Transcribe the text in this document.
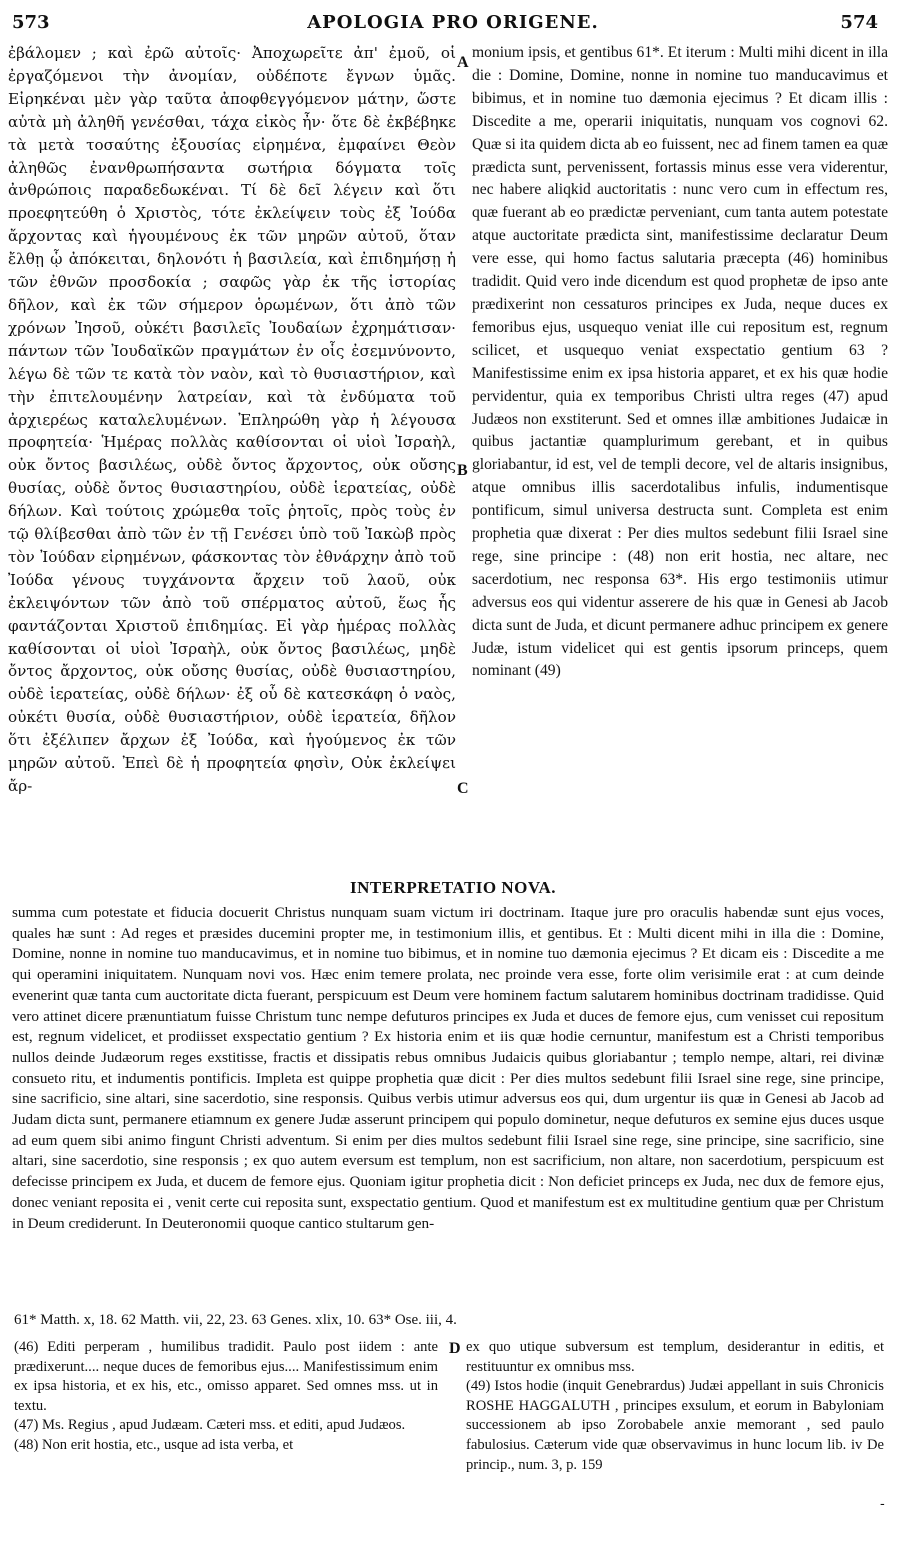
573	APOLOGIA PRO ORIGENE.	574

ἐβάλομεν ; καὶ ἐρῶ αὐτοῖς· Ἀποχωρεῖτε ἀπ' ἐμοῦ, οἱ ἐργαζόμενοι τὴν ἀνομίαν, οὐδέποτε ἔγνων ὑμᾶς. Εἰρηκέναι μὲν γὰρ ταῦτα ἀποφθεγγόμενον μάτην, ὥστε αὐτὰ μὴ ἀληθῆ γενέσθαι, τάχα εἰκὸς ἦν· ὅτε δὲ ἐκβέβηκε τὰ μετὰ τοσαύτης ἐξουσίας εἰρημένα, ἐμφαίνει Θεὸν ἀληθῶς ἐνανθρωπήσαντα σωτήρια δόγματα τοῖς ἀνθρώποις παραδεδωκέναι. Τί δὲ δεῖ λέγειν καὶ ὅτι προεφητεύθη ὁ Χριστὸς, τότε ἐκλείψειν τοὺς ἐξ Ἰούδα ἄρχοντας καὶ ἡγουμένους ἐκ τῶν μηρῶν αὐτοῦ, ὅταν ἔλθῃ ᾧ ἀπόκειται, δηλονότι ἡ βασιλεία, καὶ ἐπιδημήσῃ ἡ τῶν ἐθνῶν προσδοκία ; σαφῶς γὰρ ἐκ τῆς ἱστορίας δῆλον, καὶ ἐκ τῶν σήμερον ὁρωμένων, ὅτι ἀπὸ τῶν χρόνων Ἰησοῦ, οὐκέτι βασιλεῖς Ἰουδαίων ἐχρημάτισαν· πάντων τῶν Ἰουδαϊκῶν πραγμάτων ἐν οἷς ἐσεμνύνοντο, λέγω δὲ τῶν τε κατὰ τὸν ναὸν, καὶ τὸ θυσιαστήριον, καὶ τὴν ἐπιτελουμένην λατρείαν, καὶ τὰ ἐνδύματα τοῦ ἀρχιερέως καταλελυμένων. Ἐπληρώθη γὰρ ἡ λέγουσα προφητεία· Ἡμέρας πολλὰς καθίσονται οἱ υἱοὶ Ἰσραὴλ, οὐκ ὄντος βασιλέως, οὐδὲ ὄντος ἄρχοντος, οὐκ οὔσης θυσίας, οὐδὲ ὄντος θυσιαστηρίου, οὐδὲ ἱερατείας, οὐδὲ δήλων. Καὶ τούτοις χρώμεθα τοῖς ῥητοῖς, πρὸς τοὺς ἐν τῷ θλίβεσθαι ἀπὸ τῶν ἐν τῇ Γενέσει ὑπὸ τοῦ Ἰακὼβ πρὸς τὸν Ἰούδαν εἰρημένων, φάσκοντας τὸν ἐθνάρχην ἀπὸ τοῦ Ἰούδα γένους τυγχάνοντα ἄρχειν τοῦ λαοῦ, οὐκ ἐκλειψόντων τῶν ἀπὸ τοῦ σπέρματος αὐτοῦ, ἕως ἧς φαντάζονται Χριστοῦ ἐπιδημίας. Εἰ γὰρ ἡμέρας πολλὰς καθίσονται οἱ υἱοὶ Ἰσραὴλ, οὐκ ὄντος βασιλέως, μηδὲ ὄντος ἄρχοντος, οὐκ οὔσης θυσίας, οὐδὲ θυσιαστηρίου, οὐδὲ ἱερατείας, οὐδὲ δήλων· ἐξ οὗ δὲ κατεσκάφη ὁ ναὸς, οὐκέτι θυσία, οὐδὲ θυσιαστήριον, οὐδὲ ἱερατεία, δῆλον ὅτι ἐξέλιπεν ἄρχων ἐξ Ἰούδα, καὶ ἡγούμενος ἐκ τῶν μηρῶν αὐτοῦ. Ἐπεὶ δὲ ἡ προφητεία φησὶν, Οὐκ ἐκλείψει ἄρ-

A
B
C

monium ipsis, et gentibus 61*. Et iterum : Multi mihi dicent in illa die : Domine, Domine, nonne in nomine tuo manducavimus et bibimus, et in nomine tuo dæmonia ejecimus ? Et dicam illis : Discedite a me, operarii iniquitatis, nunquam vos cognovi 62. Quæ si ita quidem dicta ab eo fuissent, nec ad finem tamen ea quæ prædicta sunt, pervenissent, fortassis minus esse vera viderentur, nec habere aliqkid auctoritatis : nunc vero cum in effectum res, quæ fuerant ab eo prædictæ perveniant, cum tanta autem potestate atque auctoritate prædicta sint, manifestissime declaratur Deum vere esse, qui homo factus salutaria præcepta (46) hominibus tradidit. Quid vero inde dicendum est quod prophetæ de ipso ante prædixerint non cessaturos principes ex Juda, neque duces ex femoribus ejus, usquequo veniat ille cui repositum est, regnum scilicet, et usquequo veniat exspectatio gentium 63 ? Manifestissime enim ex ipsa historia apparet, et ex his quæ hodie pervidentur, quia ex temporibus Christi ultra reges (47) apud Judæos non exstiterunt. Sed et omnes illæ ambitiones Judaicæ in quibus jactantiæ quamplurimum gerebant, et in quibus gloriabantur, id est, vel de templi decore, vel de altaris insignibus, atque omnibus illis sacerdotalibus infulis, indumentisque pontificum, simul universa destructa sunt. Completa est enim prophetia quæ dixerat : Per dies multos sedebunt filii Israel sine rege, sine principe : (48) non erit hostia, nec altare, nec sacerdotium, nec responsa 63*. His ergo testimoniis utimur adversus eos qui videntur asserere de his quæ in Genesi ab Jacob dicta sunt de Juda, et dicunt permanere adhuc principem ex genere Judæ, istum videlicet qui est gentis ipsorum princeps, quem nominant (49)

INTERPRETATIO NOVA.

summa cum potestate et fiducia docuerit Christus nunquam suam victum iri doctrinam. Itaque jure pro oraculis habendæ sunt ejus voces, quales hæ sunt : Ad reges et præsides ducemini propter me, in testimonium illis, et gentibus. Et : Multi dicent mihi in illa die : Domine, Domine, nonne in nomine tuo manducavimus, et in nomine tuo bibimus, et in nomine tuo dæmonia ejecimus ? Et dicam eis : Discedite a me qui operamini iniquitatem. Nunquam novi vos. Hæc enim temere prolata, nec proinde vera esse, forte olim verisimile erat : at cum deinde evenerint quæ tanta cum auctoritate dicta fuerant, perspicuum est Deum vere hominem factum salutarem hominibus doctrinam tradidisse. Quid vero attinet dicere prænuntiatum fuisse Christum tunc nempe defuturos principes ex Juda et duces de femore ejus, cum venisset cui repositum est, regnum videlicet, et prodiisset exspectatio gentium ? Ex historia enim et iis quæ hodie cernuntur, manifestum est a Christi temporibus nullos deinde Judæorum reges exstitisse, fractis et dissipatis rebus omnibus Judaicis quibus gloriabantur ; templo nempe, altari, rei divinæ consueto ritu, et indumentis pontificis. Impleta est quippe prophetia quæ dicit : Per dies multos sedebunt filii Israel sine rege, sine principe, sine sacrificio, sine altari, sine sacerdotio, sine responsis. Quibus verbis utimur adversus eos qui, dum urgentur iis quæ in Genesi ab Jacob ad Judam dicta sunt, permanere etiamnum ex genere Judæ asserunt principem qui populo dominetur, neque defuturos ex semine ejus duces usque ad eum quem sibi animo fingunt Christi adventum. Si enim per dies multos sedebunt filii Israel sine rege, sine principe, sine sacrificio, sine altari, sine sacerdotio, sine responsis ; ex quo autem eversum est templum, non est sacrificium, non altare, non sacerdotium, perspicuum est defecisse principem ex Juda, et ducem de femore ejus. Quoniam igitur prophetia dicit : Non deficiet princeps ex Juda, nec dux de femore ejus, donec veniant reposita ei , venit certe cui reposita sunt, exspectatio gentium. Quod et manifestum est ex multitudine gentium quæ per Christum in Deum crediderunt. In Deuteronomii quoque cantico stultarum gen-

61* Matth. x, 18. 62 Matth. vii, 22, 23. 63 Genes. xlix, 10. 63* Ose. iii, 4.

(46) Editi perperam , humilibus tradidit. Paulo post iidem : ante prædixerunt.... neque duces de femoribus ejus.... Manifestissimum enim ex ipsa historia, et ex his, etc., omisso apparet. Sed omnes mss. ut in textu.

(47) Ms. Regius , apud Judæam. Cæteri mss. et editi, apud Judæos.

(48) Non erit hostia, etc., usque ad ista verba, et

D ex quo utique subversum est templum, desiderantur in editis, et restituuntur ex omnibus mss.

(49) Istos hodie (inquit Genebrardus) Judæi appellant in suis Chronicis ROSHE HAGGALUTH , principes exsulum, et eorum in Babyloniam successionem ab ipso Zorobabele anxie memorant , sed paulo fabulosius. Cæterum vide quæ observavimus in hunc locum lib. iv De princip., num. 3, p. 159

-
